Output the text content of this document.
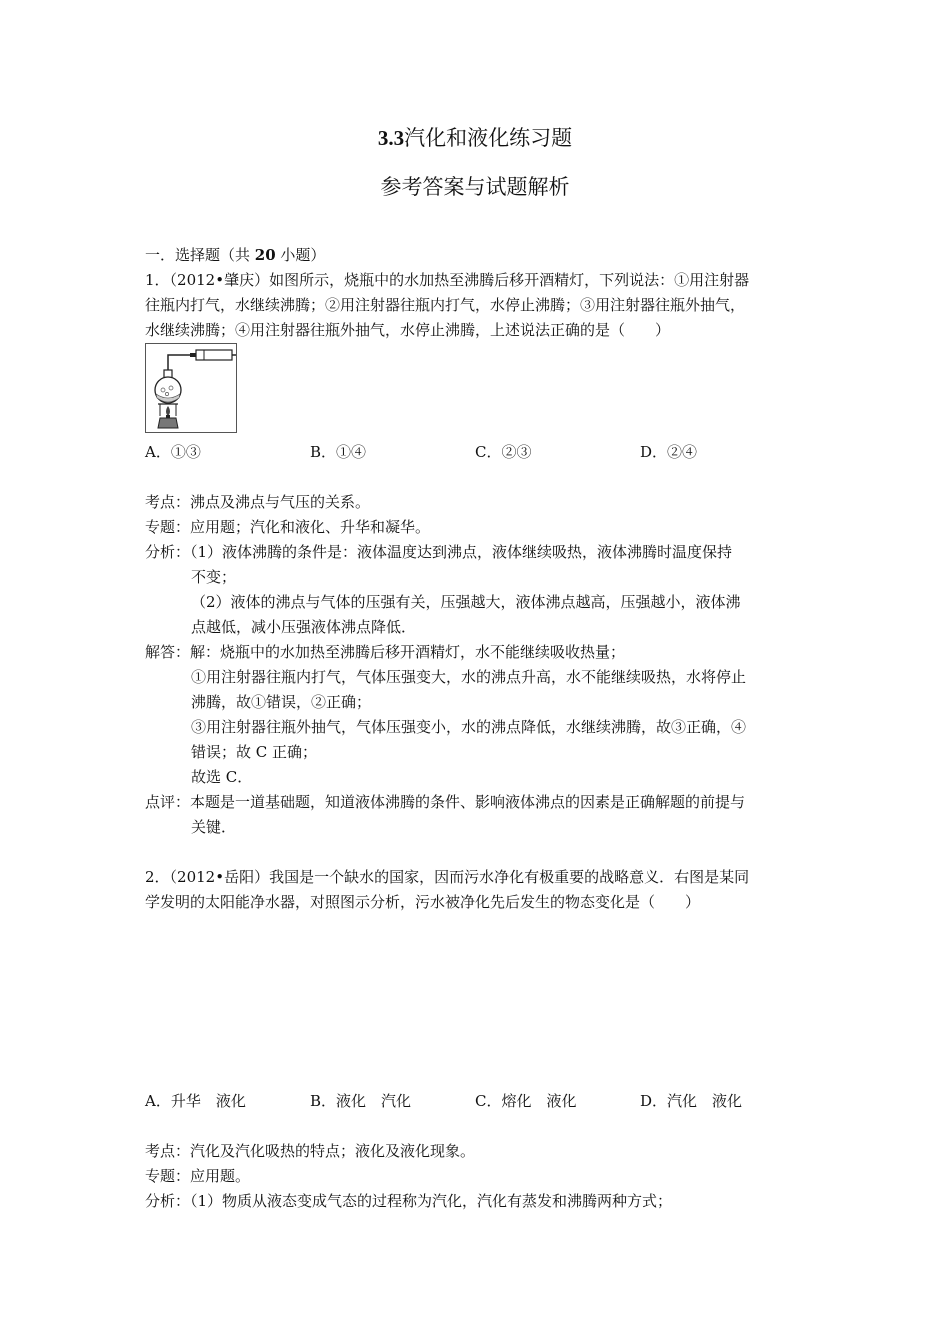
3.3汽化和液化练习题
参考答案与试题解析
一．选择题（共 20 小题）
1．（2012•肇庆）如图所示，烧瓶中的水加热至沸腾后移开酒精灯，下列说法：①用注射器
往瓶内打气，水继续沸腾；②用注射器往瓶内打气，水停止沸腾；③用注射器往瓶外抽气，
水继续沸腾；④用注射器往瓶外抽气，水停止沸腾，上述说法正确的是（　　）
A．①③	B．①④	C．②③	D．②④
考点：沸点及沸点与气压的关系。
专题：应用题；汽化和液化、升华和凝华。
分析：（1）液体沸腾的条件是：液体温度达到沸点，液体继续吸热，液体沸腾时温度保持
不变；
（2）液体的沸点与气体的压强有关，压强越大，液体沸点越高，压强越小，液体沸
点越低，减小压强液体沸点降低．
解答：解：烧瓶中的水加热至沸腾后移开酒精灯，水不能继续吸收热量；
①用注射器往瓶内打气，气体压强变大，水的沸点升高，水不能继续吸热，水将停止
沸腾，故①错误，②正确；
③用注射器往瓶外抽气，气体压强变小，水的沸点降低，水继续沸腾，故③正确，④
错误；故 C 正确；
故选 C．
点评：本题是一道基础题，知道液体沸腾的条件、影响液体沸点的因素是正确解题的前提与
关键．
2．（2012•岳阳）我国是一个缺水的国家，因而污水净化有极重要的战略意义．右图是某同
学发明的太阳能净水器，对照图示分析，污水被净化先后发生的物态变化是（　　）
A．升华　液化	B．液化　汽化	C．熔化　液化	D．汽化　液化
考点：汽化及汽化吸热的特点；液化及液化现象。
专题：应用题。
分析：（1）物质从液态变成气态的过程称为汽化，汽化有蒸发和沸腾两种方式；
